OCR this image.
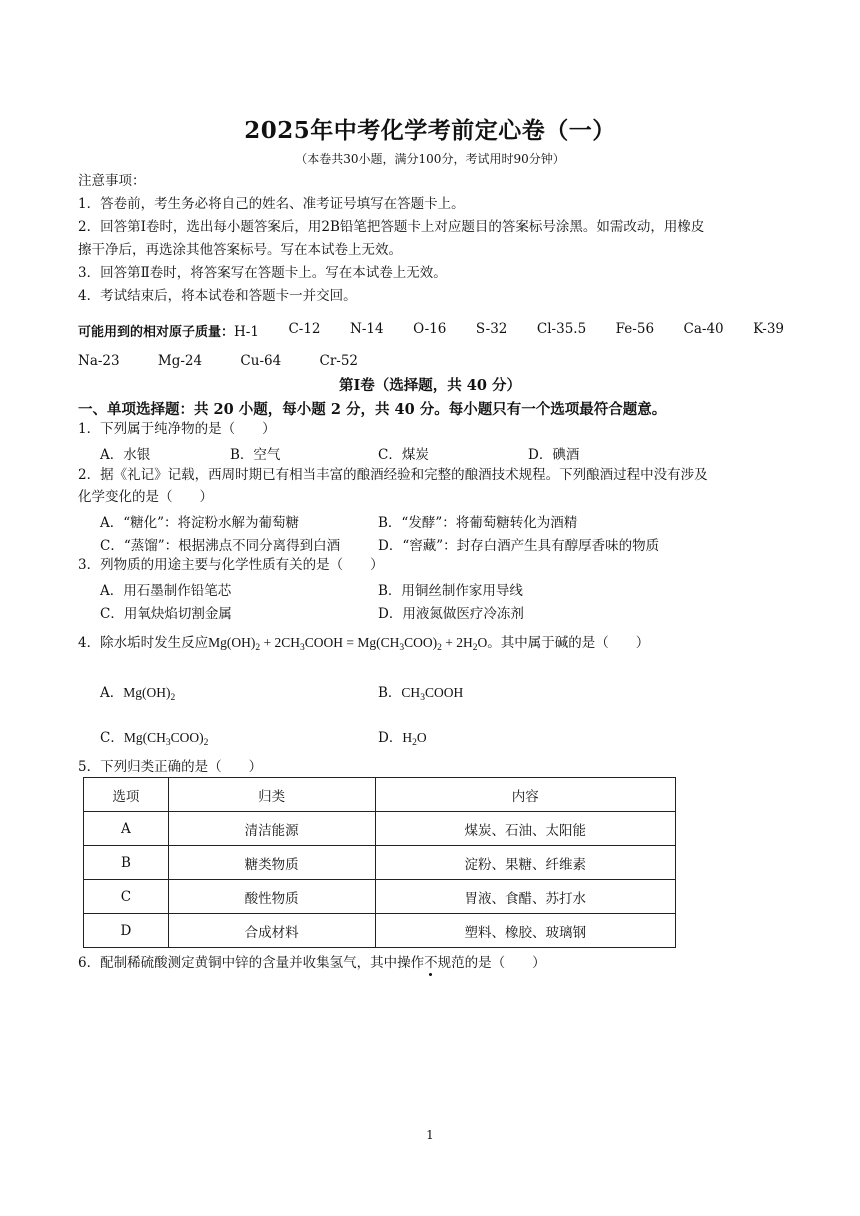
2025年中考化学考前定心卷（一）
（本卷共30小题，满分100分，考试用时90分钟）
注意事项：
1．答卷前，考生务必将自己的姓名、准考证号填写在答题卡上。
2．回答第Ⅰ卷时，选出每小题答案后，用2B铅笔把答题卡上对应题目的答案标号涂黑。如需改动，用橡皮
擦干净后，再选涂其他答案标号。写在本试卷上无效。
3．回答第Ⅱ卷时，将答案写在答题卡上。写在本试卷上无效。
4．考试结束后，将本试卷和答题卡一并交回。
可能用到的相对原子质量：H-1 C-12 N-14 O-16 S-32 Cl-35.5 Fe-56 Ca-40 K-39
Na-23	Mg-24	Cu-64	Cr-52
第Ⅰ卷（选择题，共 40 分）
一、单项选择题：共 20 小题，每小题 2 分，共 40 分。每小题只有一个选项最符合题意。
1．下列属于纯净物的是（　　）
A．水银	B．空气	C．煤炭	D．碘酒
2．据《礼记》记载，西周时期已有相当丰富的酿酒经验和完整的酿酒技术规程。下列酿酒过程中没有涉及
化学变化的是（　　）
A．“糖化”：将淀粉水解为葡萄糖	B．“发酵”：将葡萄糖转化为酒精
C．“蒸馏”：根据沸点不同分离得到白酒	D．“窖藏”：封存白酒产生具有醇厚香味的物质
3．列物质的用途主要与化学性质有关的是（　　）
A．用石墨制作铅笔芯	B．用铜丝制作家用导线
C．用氧炔焰切割金属	D．用液氮做医疗冷冻剂
4．除水垢时发生反应$Mg(OH)_2$ + $2CH_3COOH = Mg(CH_3COO)_2 + 2H_2O$。其中属于碱的是（　　）
A．$Mg(OH)_2$	B．$CH_3COOH$
C．$Mg(CH_3COO)_2$	D．$H_2O$
5．下列归类正确的是（　　）
选项	归类	内容
A	清洁能源	煤炭、石油、太阳能
B	糖类物质	淀粉、果糖、纤维素
C	酸性物质	胃液、食醋、苏打水
D	合成材料	塑料、橡胶、玻璃钢
6．配制稀硫酸测定黄铜中锌的含量并收集氢气，其中操作不规范的是（　　）
1
